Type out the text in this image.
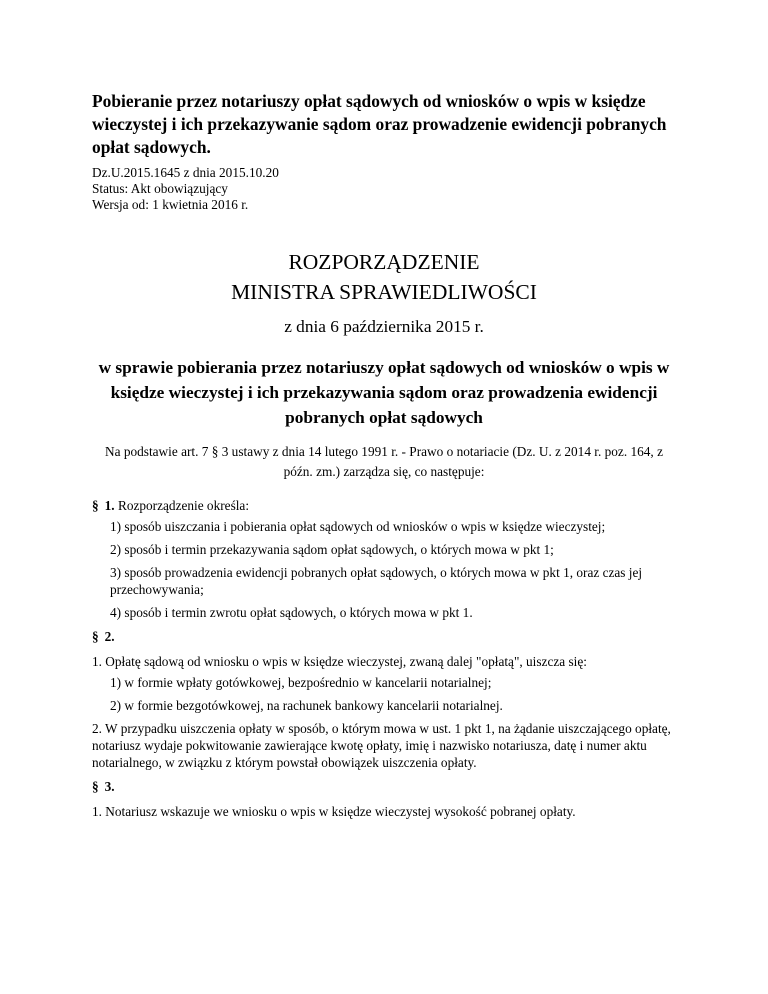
Pobieranie przez notariuszy opłat sądowych od wniosków o wpis w księdze wieczystej i ich przekazywanie sądom oraz prowadzenie ewidencji pobranych opłat sądowych.
Dz.U.2015.1645 z dnia 2015.10.20
Status: Akt obowiązujący
Wersja od: 1 kwietnia 2016 r.
ROZPORZĄDZENIE
MINISTRA SPRAWIEDLIWOŚCI
z dnia 6 października 2015 r.
w sprawie pobierania przez notariuszy opłat sądowych od wniosków o wpis w księdze wieczystej i ich przekazywania sądom oraz prowadzenia ewidencji pobranych opłat sądowych
Na podstawie art. 7 § 3 ustawy z dnia 14 lutego 1991 r. - Prawo o notariacie (Dz. U. z 2014 r. poz. 164, z późn. zm.) zarządza się, co następuje:
§ 1. Rozporządzenie określa:
1) sposób uiszczania i pobierania opłat sądowych od wniosków o wpis w księdze wieczystej;
2) sposób i termin przekazywania sądom opłat sądowych, o których mowa w pkt 1;
3) sposób prowadzenia ewidencji pobranych opłat sądowych, o których mowa w pkt 1, oraz czas jej przechowywania;
4) sposób i termin zwrotu opłat sądowych, o których mowa w pkt 1.
§ 2.
1. Opłatę sądową od wniosku o wpis w księdze wieczystej, zwaną dalej "opłatą", uiszcza się:
1) w formie wpłaty gotówkowej, bezpośrednio w kancelarii notarialnej;
2) w formie bezgotówkowej, na rachunek bankowy kancelarii notarialnej.
2. W przypadku uiszczenia opłaty w sposób, o którym mowa w ust. 1 pkt 1, na żądanie uiszczającego opłatę, notariusz wydaje pokwitowanie zawierające kwotę opłaty, imię i nazwisko notariusza, datę i numer aktu notarialnego, w związku z którym powstał obowiązek uiszczenia opłaty.
§ 3.
1. Notariusz wskazuje we wniosku o wpis w księdze wieczystej wysokość pobranej opłaty.
